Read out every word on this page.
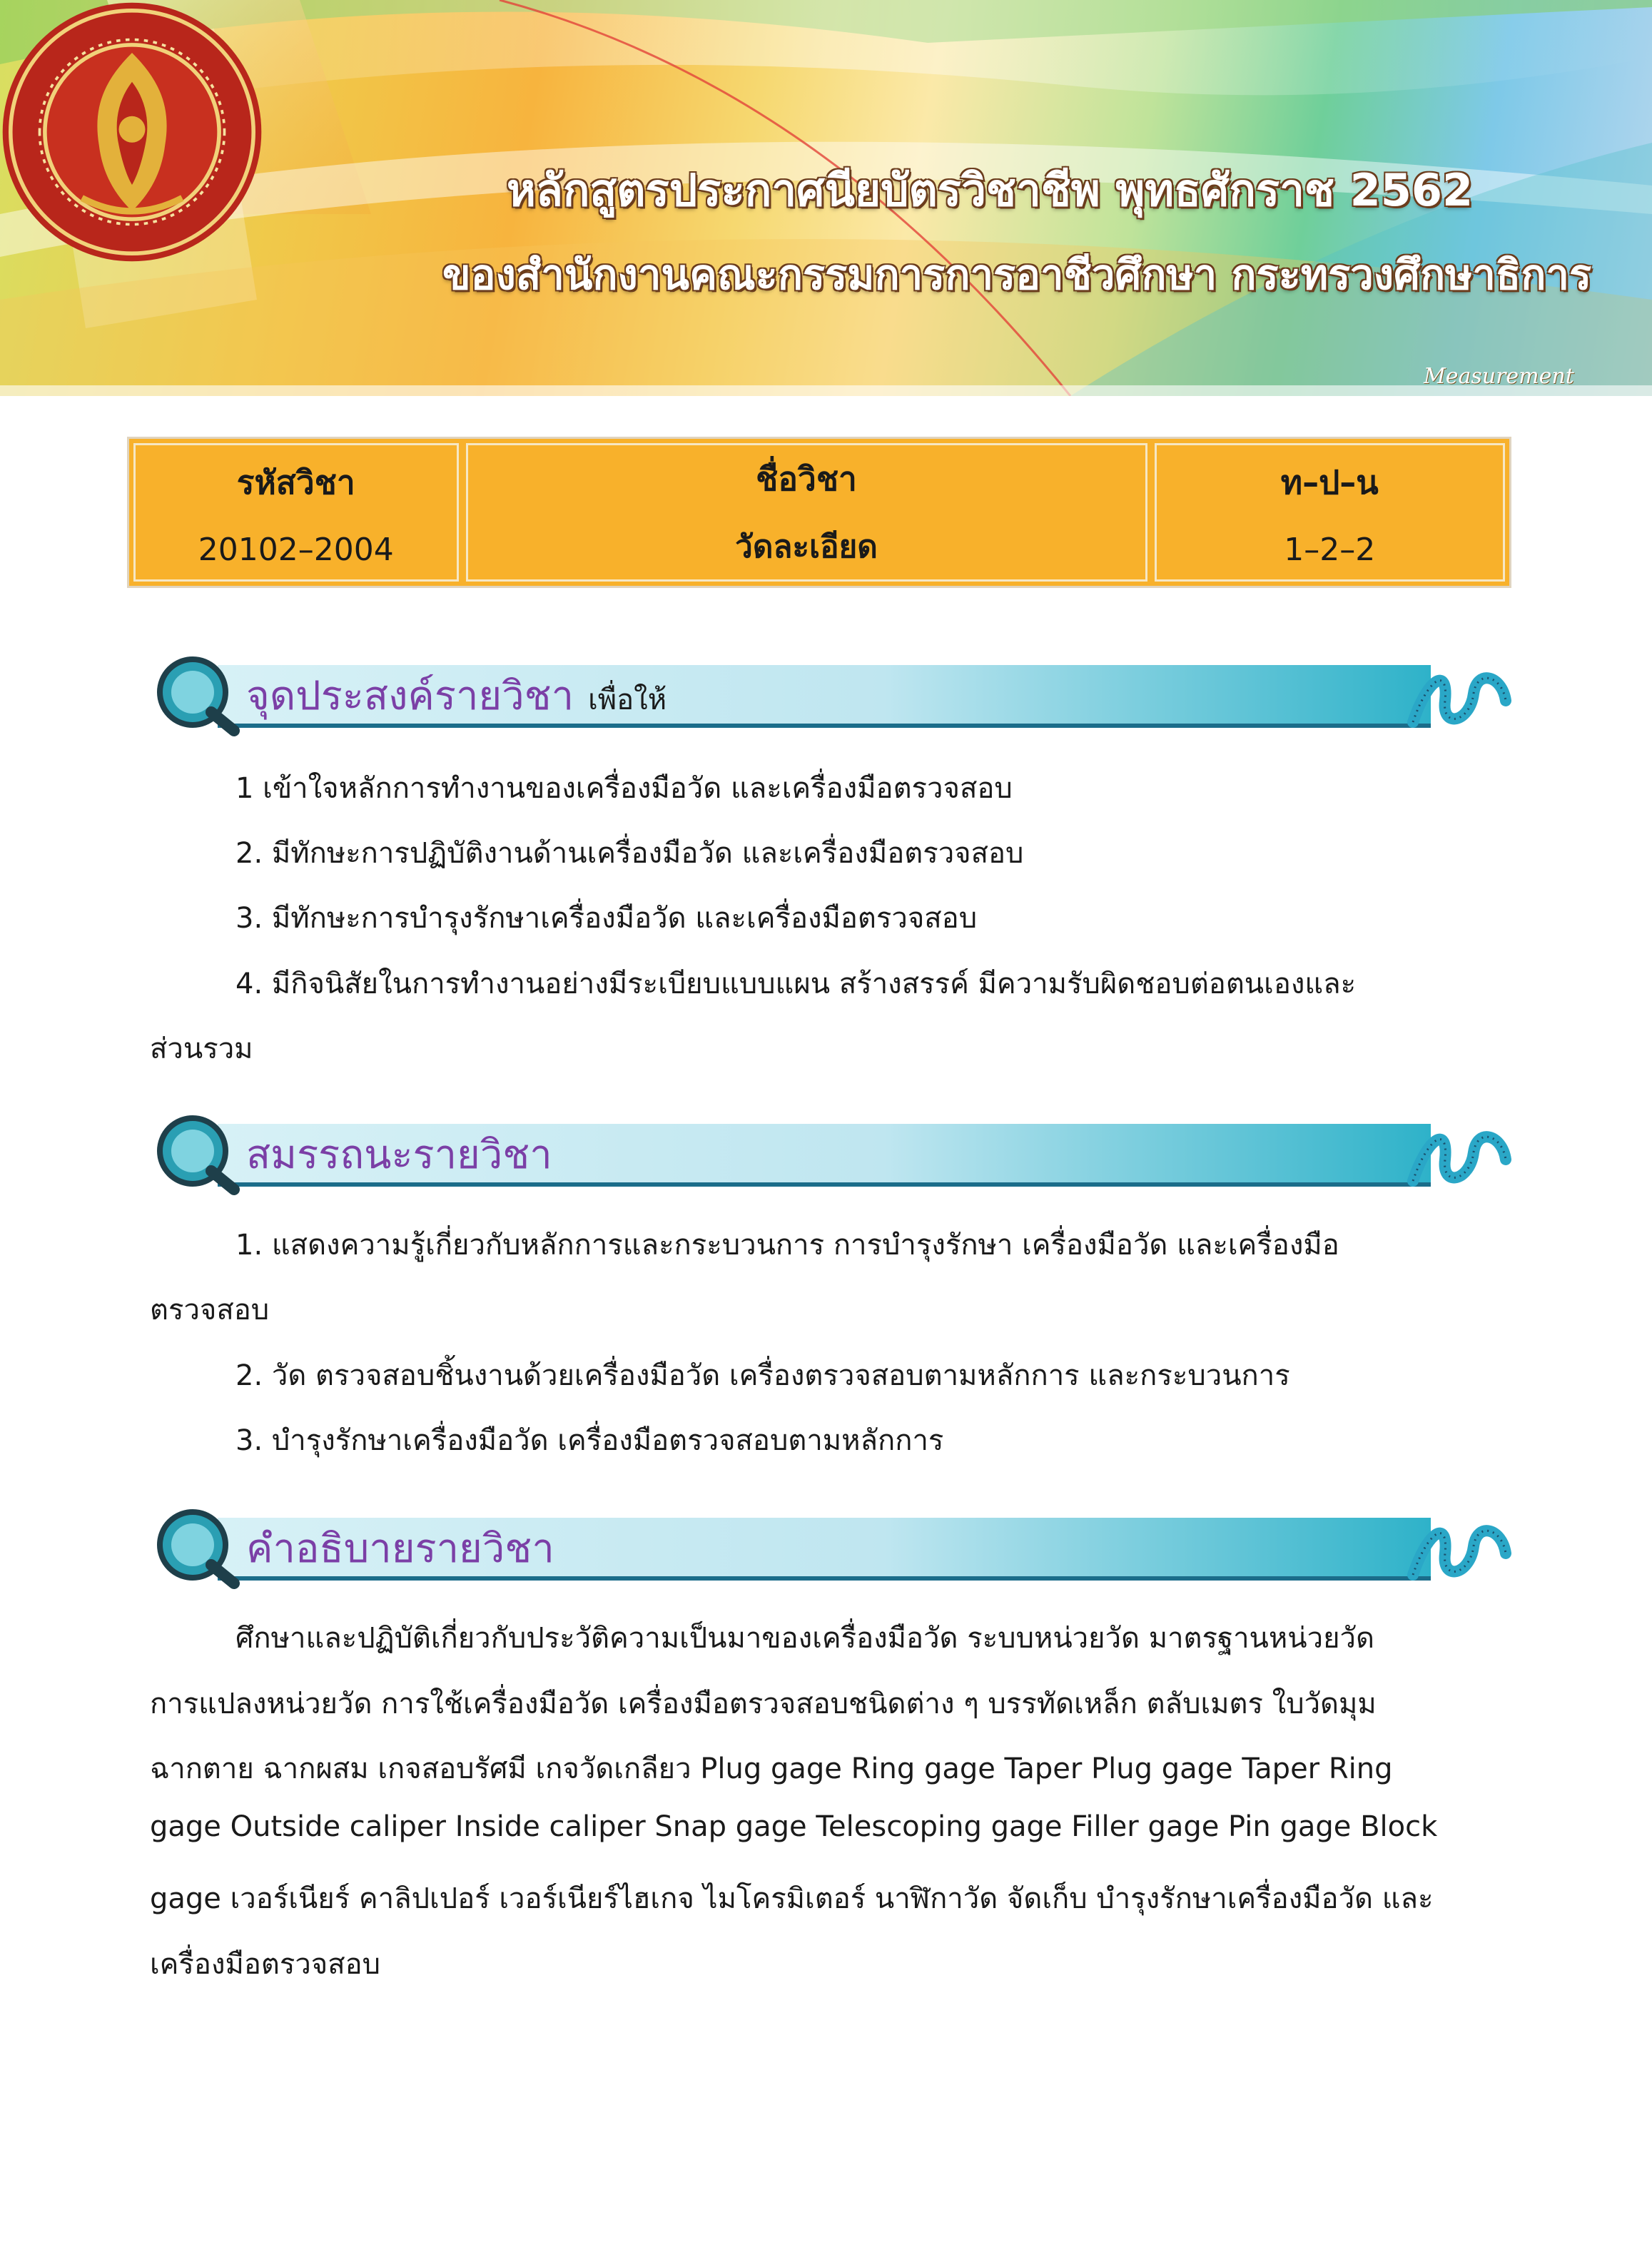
หลักสูตรประกาศนียบัตรวิชาชีพ พุทธศักราช 2562
ของสำนักงานคณะกรรมการการอาชีวศึกษา กระทรวงศึกษาธิการ
Measurement
รหัสวิชา
20102–2004
ชื่อวิชา
วัดละเอียด
ท–ป–น
1–2–2
จุดประสงค์รายวิชา เพื่อให้
1 เข้าใจหลักการทำงานของเครื่องมือวัด และเครื่องมือตรวจสอบ
2. มีทักษะการปฏิบัติงานด้านเครื่องมือวัด และเครื่องมือตรวจสอบ
3. มีทักษะการบำรุงรักษาเครื่องมือวัด และเครื่องมือตรวจสอบ
4. มีกิจนิสัยในการทำงานอย่างมีระเบียบแบบแผน สร้างสรรค์ มีความรับผิดชอบต่อตนเองและ
ส่วนรวม
สมรรถนะรายวิชา
1. แสดงความรู้เกี่ยวกับหลักการและกระบวนการ การบำรุงรักษา เครื่องมือวัด และเครื่องมือ
ตรวจสอบ
2. วัด ตรวจสอบชิ้นงานด้วยเครื่องมือวัด เครื่องตรวจสอบตามหลักการ และกระบวนการ
3. บำรุงรักษาเครื่องมือวัด เครื่องมือตรวจสอบตามหลักการ
คำอธิบายรายวิชา
ศึกษาและปฏิบัติเกี่ยวกับประวัติความเป็นมาของเครื่องมือวัด ระบบหน่วยวัด มาตรฐานหน่วยวัด
การแปลงหน่วยวัด การใช้เครื่องมือวัด เครื่องมือตรวจสอบชนิดต่าง ๆ บรรทัดเหล็ก ตลับเมตร ใบวัดมุม
ฉากตาย ฉากผสม เกจสอบรัศมี เกจวัดเกลียว Plug gage Ring gage Taper Plug gage Taper Ring
gage Outside caliper Inside caliper Snap gage Telescoping gage Filler gage Pin gage Block
gage เวอร์เนียร์ คาลิปเปอร์ เวอร์เนียร์ไฮเกจ ไมโครมิเตอร์ นาฬิกาวัด จัดเก็บ บำรุงรักษาเครื่องมือวัด และ
เครื่องมือตรวจสอบ
